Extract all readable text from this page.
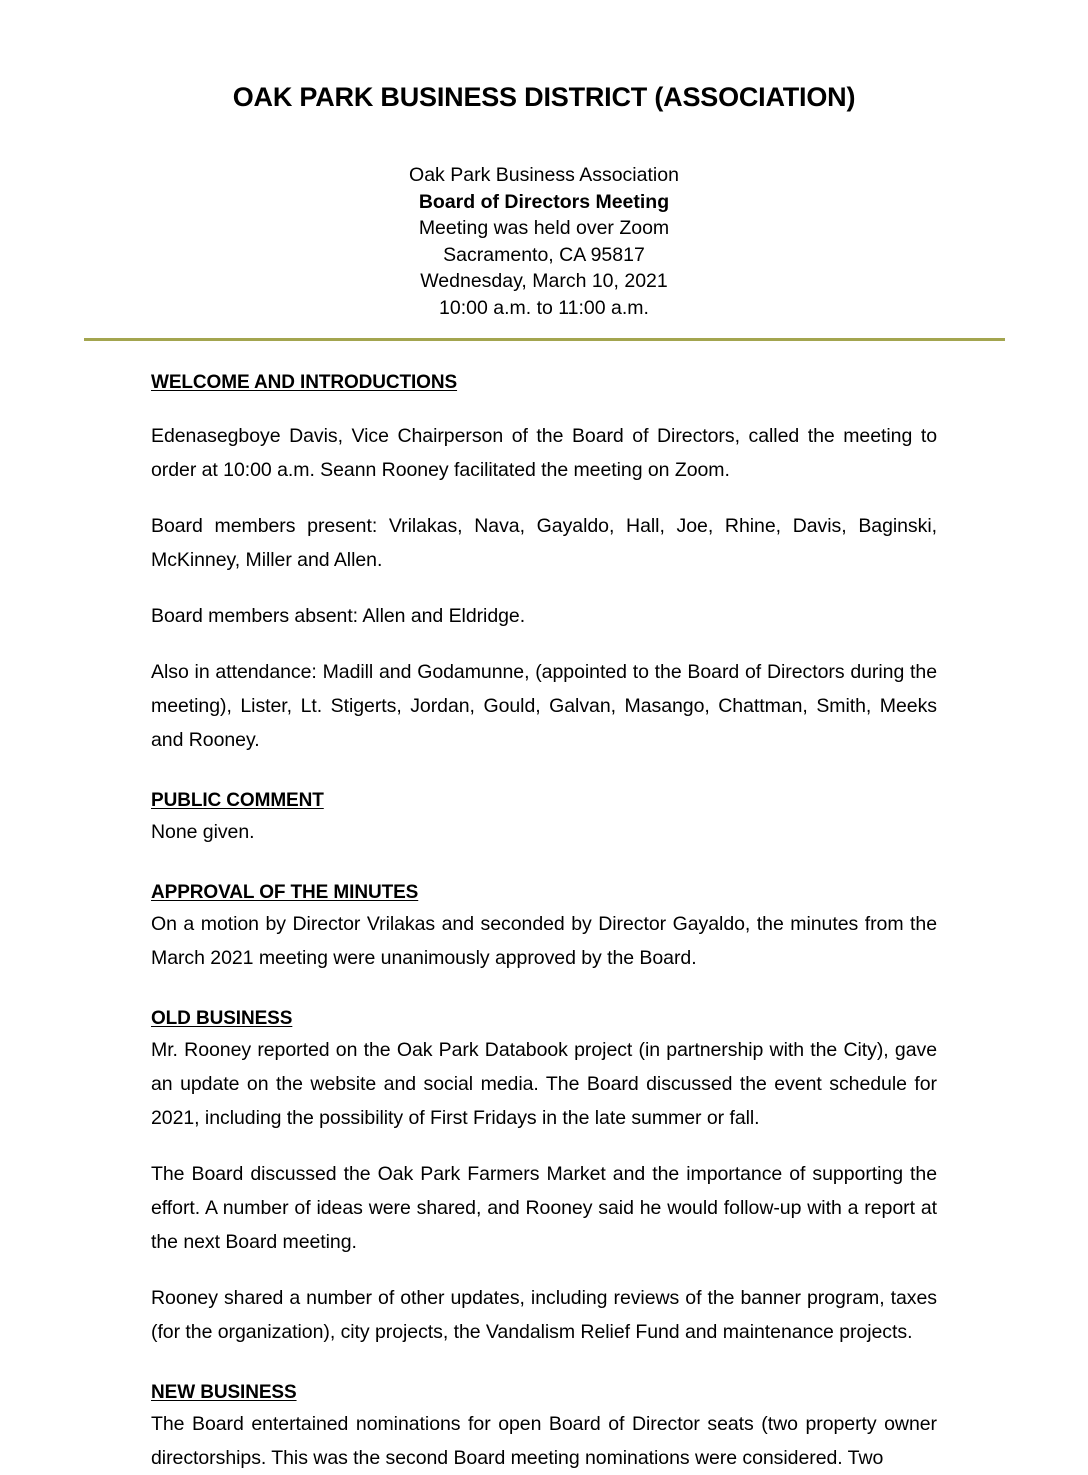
OAK PARK BUSINESS DISTRICT (ASSOCIATION)
Oak Park Business Association
Board of Directors Meeting
Meeting was held over Zoom
Sacramento, CA 95817
Wednesday, March 10, 2021
10:00 a.m. to 11:00 a.m.
WELCOME AND INTRODUCTIONS

Edenasegboye Davis, Vice Chairperson of the Board of Directors, called the meeting to order at 10:00 a.m. Seann Rooney facilitated the meeting on Zoom.

Board members present: Vrilakas, Nava, Gayaldo, Hall, Joe, Rhine, Davis, Baginski, McKinney, Miller and Allen.

Board members absent: Allen and Eldridge.

Also in attendance: Madill and Godamunne, (appointed to the Board of Directors during the meeting), Lister, Lt. Stigerts, Jordan, Gould, Galvan, Masango, Chattman, Smith, Meeks and Rooney.

PUBLIC COMMENT

None given.

APPROVAL OF THE MINUTES

On a motion by Director Vrilakas and seconded by Director Gayaldo, the minutes from the March 2021 meeting were unanimously approved by the Board.

OLD BUSINESS

Mr. Rooney reported on the Oak Park Databook project (in partnership with the City), gave an update on the website and social media. The Board discussed the event schedule for 2021, including the possibility of First Fridays in the late summer or fall.

The Board discussed the Oak Park Farmers Market and the importance of supporting the effort. A number of ideas were shared, and Rooney said he would follow-up with a report at the next Board meeting.

Rooney shared a number of other updates, including reviews of the banner program, taxes (for the organization), city projects, the Vandalism Relief Fund and maintenance projects.

NEW BUSINESS

The Board entertained nominations for open Board of Director seats (two property owner directorships. This was the second Board meeting nominations were considered. Two
